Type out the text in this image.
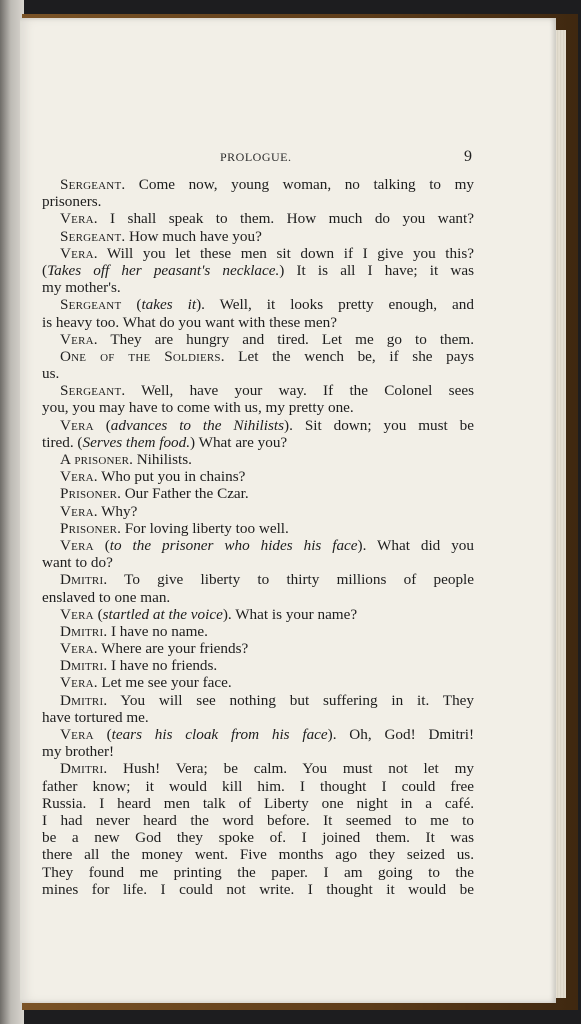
PROLOGUE.	9
Sergeant. Come now, young woman, no talking to my
prisoners.
Vera. I shall speak to them. How much do you want?
Sergeant. How much have you?
Vera. Will you let these men sit down if I give you this?
(Takes off her peasant's necklace.) It is all I have; it was
my mother's.
Sergeant (takes it). Well, it looks pretty enough, and
is heavy too. What do you want with these men?
Vera. They are hungry and tired. Let me go to them.
One of the Soldiers. Let the wench be, if she pays
us.
Sergeant. Well, have your way. If the Colonel sees
you, you may have to come with us, my pretty one.
Vera (advances to the Nihilists). Sit down; you must be
tired. (Serves them food.) What are you?
A prisoner. Nihilists.
Vera. Who put you in chains?
Prisoner. Our Father the Czar.
Vera. Why?
Prisoner. For loving liberty too well.
Vera (to the prisoner who hides his face). What did you
want to do?
Dmitri. To give liberty to thirty millions of people
enslaved to one man.
Vera (startled at the voice). What is your name?
Dmitri. I have no name.
Vera. Where are your friends?
Dmitri. I have no friends.
Vera. Let me see your face.
Dmitri. You will see nothing but suffering in it. They
have tortured me.
Vera (tears his cloak from his face). Oh, God! Dmitri!
my brother!
Dmitri. Hush! Vera; be calm. You must not let my
father know; it would kill him. I thought I could free
Russia. I heard men talk of Liberty one night in a café.
I had never heard the word before. It seemed to me to
be a new God they spoke of. I joined them. It was
there all the money went. Five months ago they seized us.
They found me printing the paper. I am going to the
mines for life. I could not write. I thought it would be
